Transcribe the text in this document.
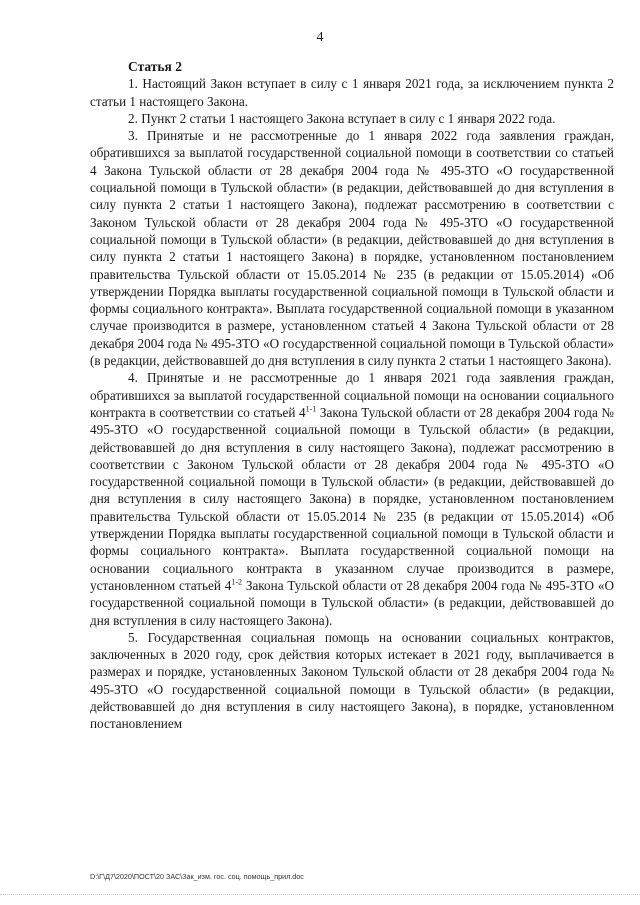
4

Статья 2

1. Настоящий Закон вступает в силу с 1 января 2021 года, за исключением пункта 2 статьи 1 настоящего Закона.

2. Пункт 2 статьи 1 настоящего Закона вступает в силу с 1 января 2022 года.

3. Принятые и не рассмотренные до 1 января 2022 года заявления граждан, обратившихся за выплатой государственной социальной помощи в соответствии со статьей 4 Закона Тульской области от 28 декабря 2004 года № 495-ЗТО «О государственной социальной помощи в Тульской области» (в редакции, действовавшей до дня вступления в силу пункта 2 статьи 1 настоящего Закона), подлежат рассмотрению в соответствии с Законом Тульской области от 28 декабря 2004 года № 495-ЗТО «О государственной социальной помощи в Тульской области» (в редакции, действовавшей до дня вступления в силу пункта 2 статьи 1 настоящего Закона) в порядке, установленном постановлением правительства Тульской области от 15.05.2014 № 235 (в редакции от 15.05.2014) «Об утверждении Порядка выплаты государственной социальной помощи в Тульской области и формы социального контракта». Выплата государственной социальной помощи в указанном случае производится в размере, установленном статьей 4 Закона Тульской области от 28 декабря 2004 года № 495-ЗТО «О государственной социальной помощи в Тульской области» (в редакции, действовавшей до дня вступления в силу пункта 2 статьи 1 настоящего Закона).

4. Принятые и не рассмотренные до 1 января 2021 года заявления граждан, обратившихся за выплатой государственной социальной помощи на основании социального контракта в соответствии со статьей 4$^{1-1}$ Закона Тульской области от 28 декабря 2004 года № 495-ЗТО «О государственной социальной помощи в Тульской области» (в редакции, действовавшей до дня вступления в силу настоящего Закона), подлежат рассмотрению в соответствии с Законом Тульской области от 28 декабря 2004 года № 495-ЗТО «О государственной социальной помощи в Тульской области» (в редакции, действовавшей до дня вступления в силу настоящего Закона) в порядке, установленном постановлением правительства Тульской области от 15.05.2014 № 235 (в редакции от 15.05.2014) «Об утверждении Порядка выплаты государственной социальной помощи в Тульской области и формы социального контракта». Выплата государственной социальной помощи на основании социального контракта в указанном случае производится в размере, установленном статьей 4$^{1-2}$ Закона Тульской области от 28 декабря 2004 года № 495-ЗТО «О государственной социальной помощи в Тульской области» (в редакции, действовавшей до дня вступления в силу настоящего Закона).

5. Государственная социальная помощь на основании социальных контрактов, заключенных в 2020 году, срок действия которых истекает в 2021 году, выплачивается в размерах и порядке, установленных Законом Тульской области от 28 декабря 2004 года № 495-ЗТО «О государственной социальной помощи в Тульской области» (в редакции, действовавшей до дня вступления в силу настоящего Закона), в порядке, установленном постановлением

D:\Г\Д7\2020\ПОСТ\20 ЗАС\Зак_изм. гос. соц. помощь_прил.doc
